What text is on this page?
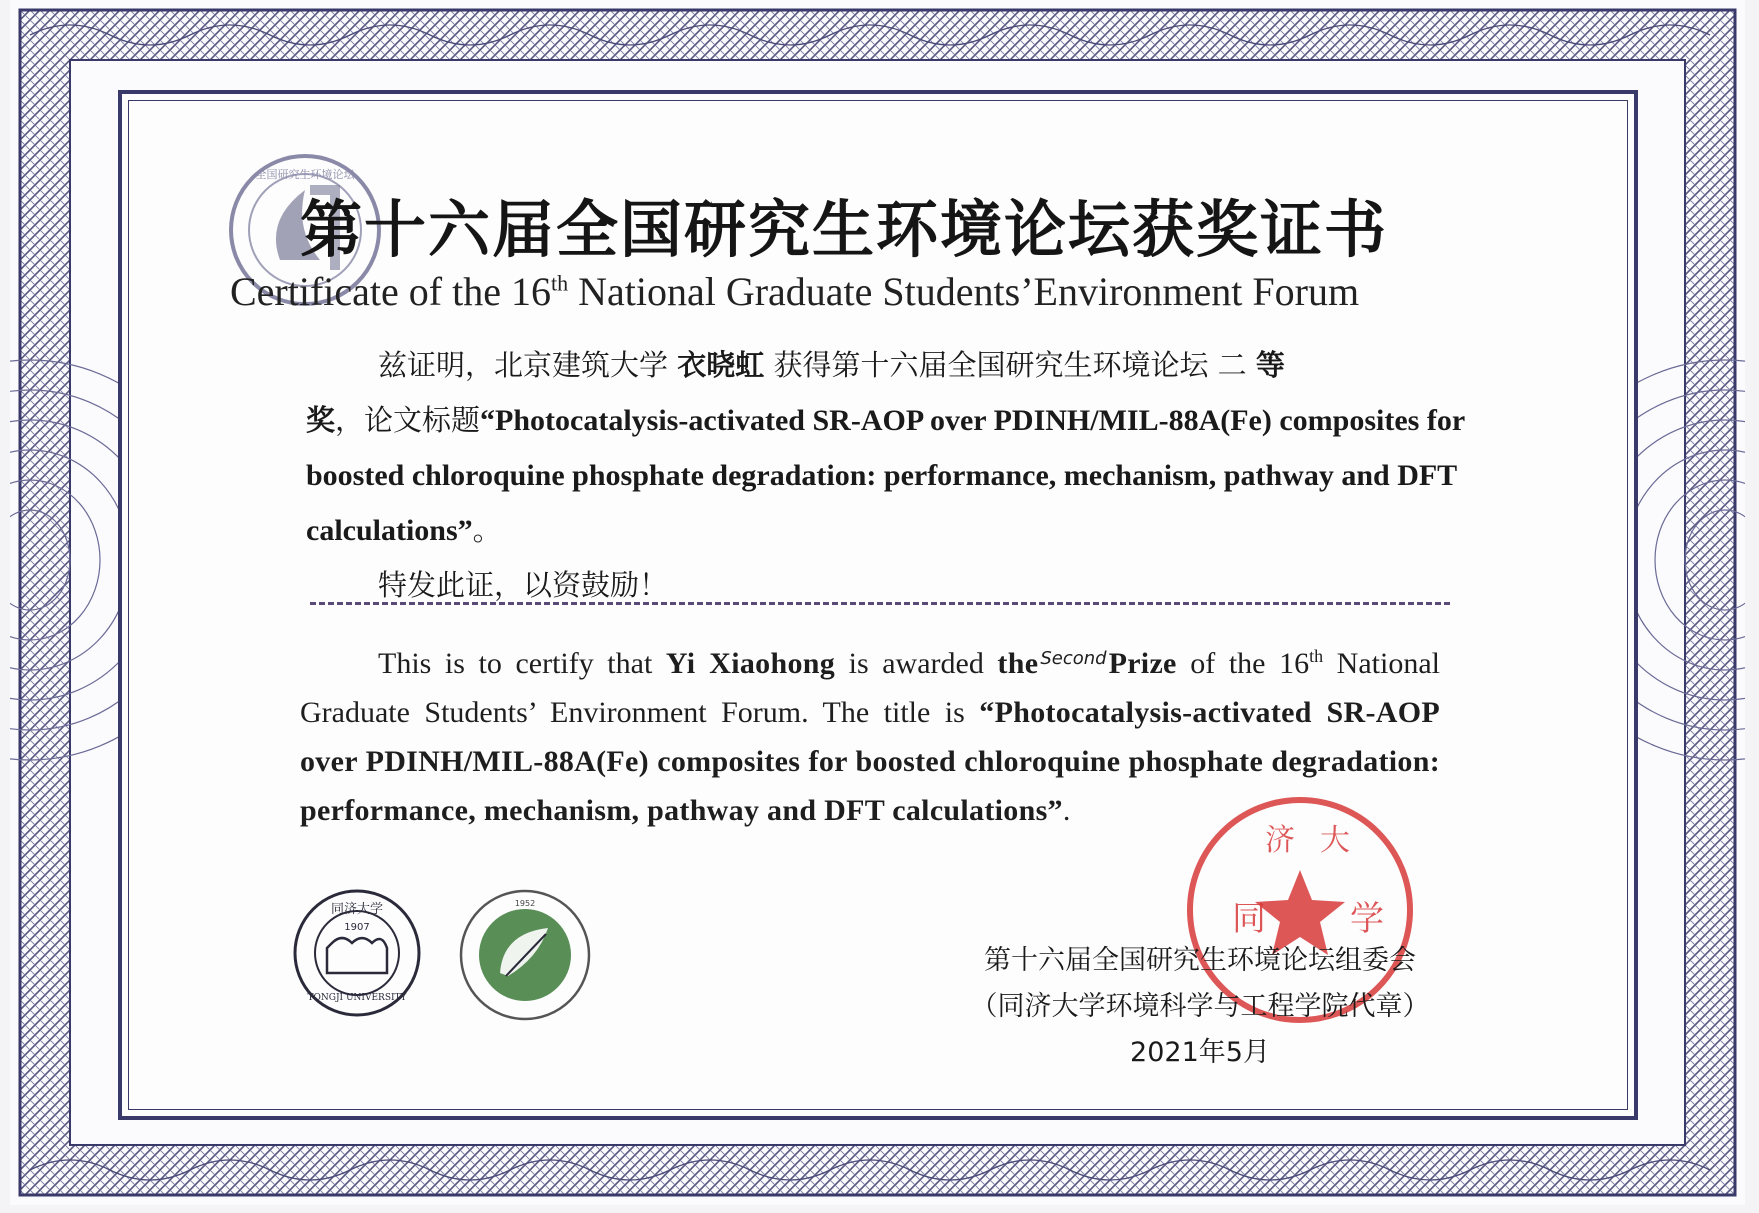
全国研究生环境论坛
第十六届全国研究生环境论坛获奖证书
Certificate of the 16th National Graduate Students’Environment Forum
兹证明，北京建筑大学 衣晓虹 获得第十六届全国研究生环境论坛 二 等
奖，论文标题“Photocatalysis-activated SR-AOP over PDINH/MIL-88A(Fe) composites for boosted chloroquine phosphate degradation: performance, mechanism, pathway and DFT calculations”。
特发此证，以资鼓励！
This is to certify that Yi Xiaohong is awarded the $^{Second}$Prize of the 16th National Graduate Students’ Environment Forum. The title is “Photocatalysis-activated SR-AOP over PDINH/MIL-88A(Fe) composites for boosted chloroquine phosphate degradation: performance, mechanism, pathway and DFT calculations”.
同济大学
1907
TONGJI UNIVERSITY
1952	同
济 大
学
第十六届全国研究生环境论坛组委会
（同济大学环境科学与工程学院代章）
2021年5月
